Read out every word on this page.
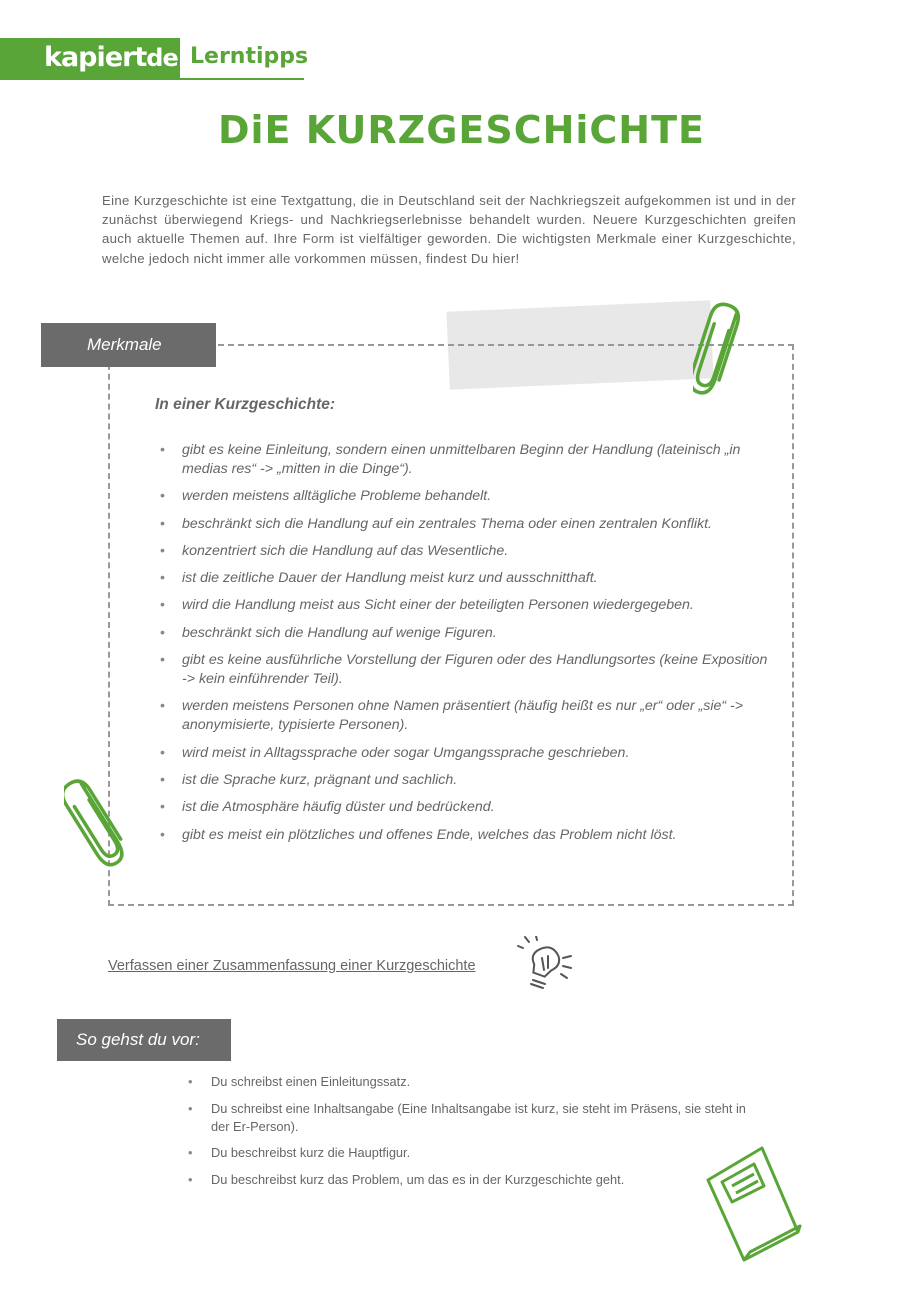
kapiertde Lerntipps
DiE KURZGESCHiCHTE
Eine Kurzgeschichte ist eine Textgattung, die in Deutschland seit der Nachkriegszeit aufgekommen ist und in der zunächst überwiegend Kriegs- und Nachkriegserlebnisse behandelt wurden. Neuere Kurzgeschichten greifen auch aktuelle Themen auf. Ihre Form ist vielfältiger geworden. Die wichtigsten Merkmale einer Kurzgeschichte, welche jedoch nicht immer alle vorkommen müssen, findest Du hier!
Merkmale
In einer Kurzgeschichte:
• gibt es keine Einleitung, sondern einen unmittelbaren Beginn der Handlung (lateinisch „in medias res“ -> „mitten in die Dinge“).
• werden meistens alltägliche Probleme behandelt.
• beschränkt sich die Handlung auf ein zentrales Thema oder einen zentralen Konflikt.
• konzentriert sich die Handlung auf das Wesentliche.
• ist die zeitliche Dauer der Handlung meist kurz und ausschnitthaft.
• wird die Handlung meist aus Sicht einer der beteiligten Personen wiedergegeben.
• beschränkt sich die Handlung auf wenige Figuren.
• gibt es keine ausführliche Vorstellung der Figuren oder des Handlungsortes (keine Exposition -> kein einführender Teil).
• werden meistens Personen ohne Namen präsentiert (häufig heißt es nur „er“ oder „sie“ -> anonymisierte, typisierte Personen).
• wird meist in Alltagssprache oder sogar Umgangssprache geschrieben.
• ist die Sprache kurz, prägnant und sachlich.
• ist die Atmosphäre häufig düster und bedrückend.
• gibt es meist ein plötzliches und offenes Ende, welches das Problem nicht löst.
Verfassen einer Zusammenfassung einer Kurzgeschichte
So gehst du vor:
• Du schreibst einen Einleitungssatz.
• Du schreibst eine Inhaltsangabe (Eine Inhaltsangabe ist kurz, sie steht im Präsens, sie steht in der Er-Person).
• Du beschreibst kurz die Hauptfigur.
• Du beschreibst kurz das Problem, um das es in der Kurzgeschichte geht.
